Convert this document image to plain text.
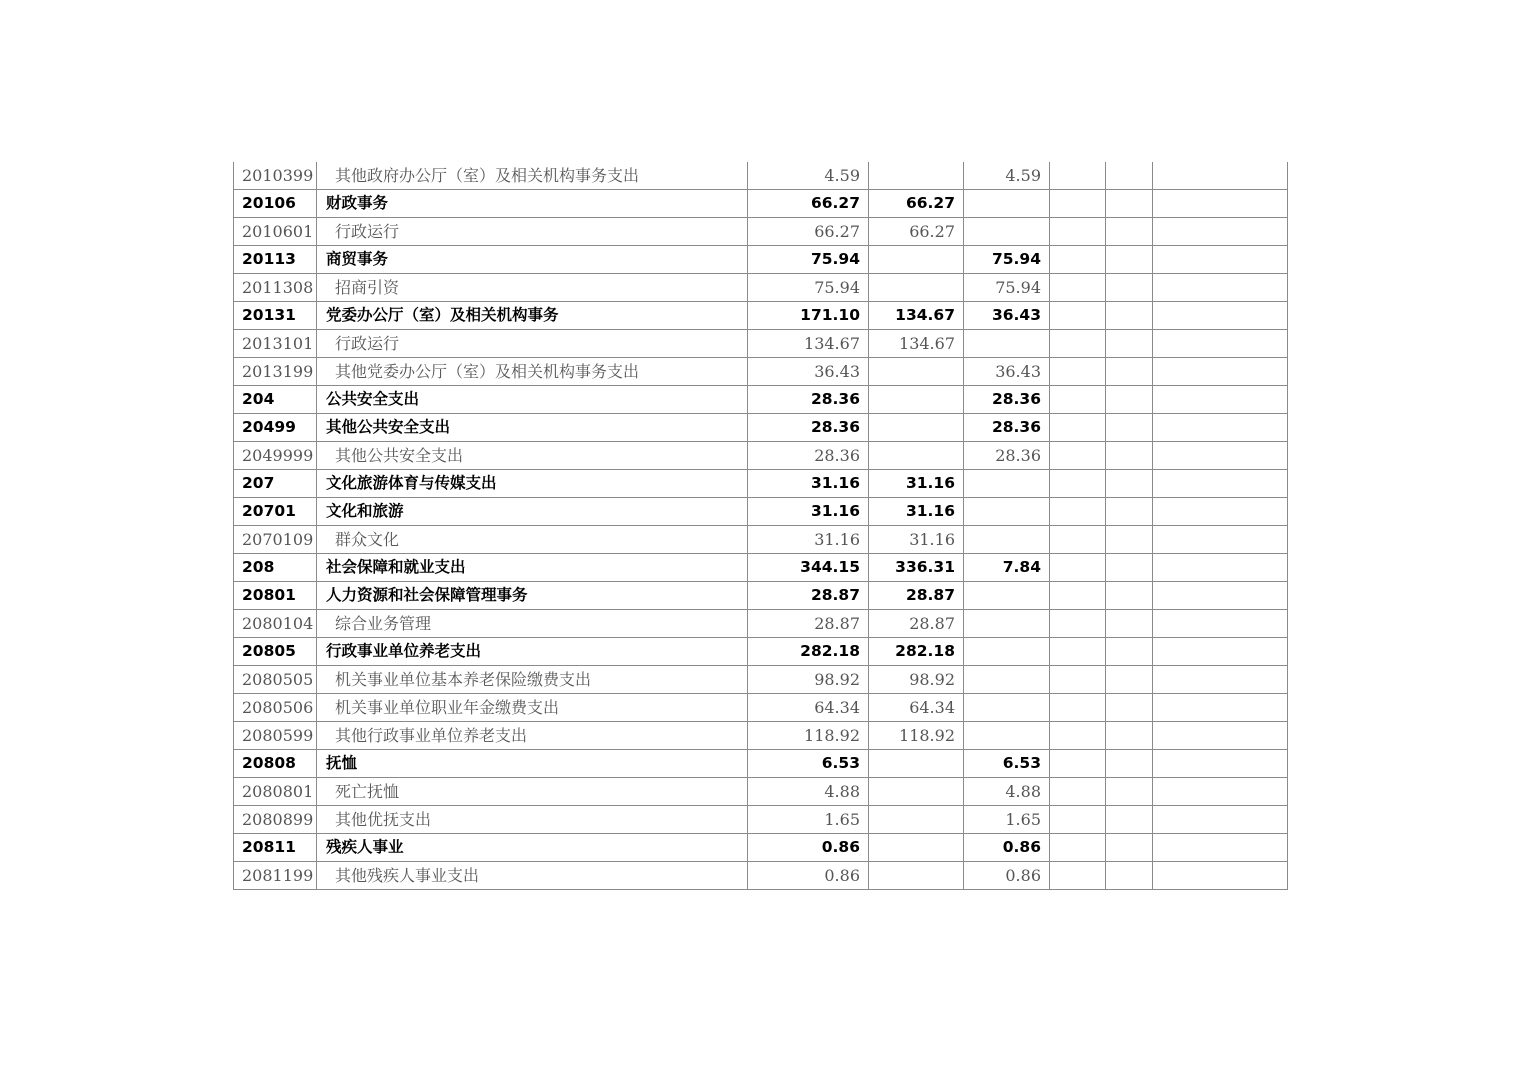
2010399	其他政府办公厅（室）及相关机构事务支出	4.59		4.59			
20106	财政事务	66.27	66.27				
2010601	行政运行	66.27	66.27				
20113	商贸事务	75.94		75.94			
2011308	招商引资	75.94		75.94			
20131	党委办公厅（室）及相关机构事务	171.10	134.67	36.43			
2013101	行政运行	134.67	134.67				
2013199	其他党委办公厅（室）及相关机构事务支出	36.43		36.43			
204	公共安全支出	28.36		28.36			
20499	其他公共安全支出	28.36		28.36			
2049999	其他公共安全支出	28.36		28.36			
207	文化旅游体育与传媒支出	31.16	31.16				
20701	文化和旅游	31.16	31.16				
2070109	群众文化	31.16	31.16				
208	社会保障和就业支出	344.15	336.31	7.84			
20801	人力资源和社会保障管理事务	28.87	28.87				
2080104	综合业务管理	28.87	28.87				
20805	行政事业单位养老支出	282.18	282.18				
2080505	机关事业单位基本养老保险缴费支出	98.92	98.92				
2080506	机关事业单位职业年金缴费支出	64.34	64.34				
2080599	其他行政事业单位养老支出	118.92	118.92				
20808	抚恤	6.53		6.53			
2080801	死亡抚恤	4.88		4.88			
2080899	其他优抚支出	1.65		1.65			
20811	残疾人事业	0.86		0.86			
2081199	其他残疾人事业支出	0.86		0.86			
